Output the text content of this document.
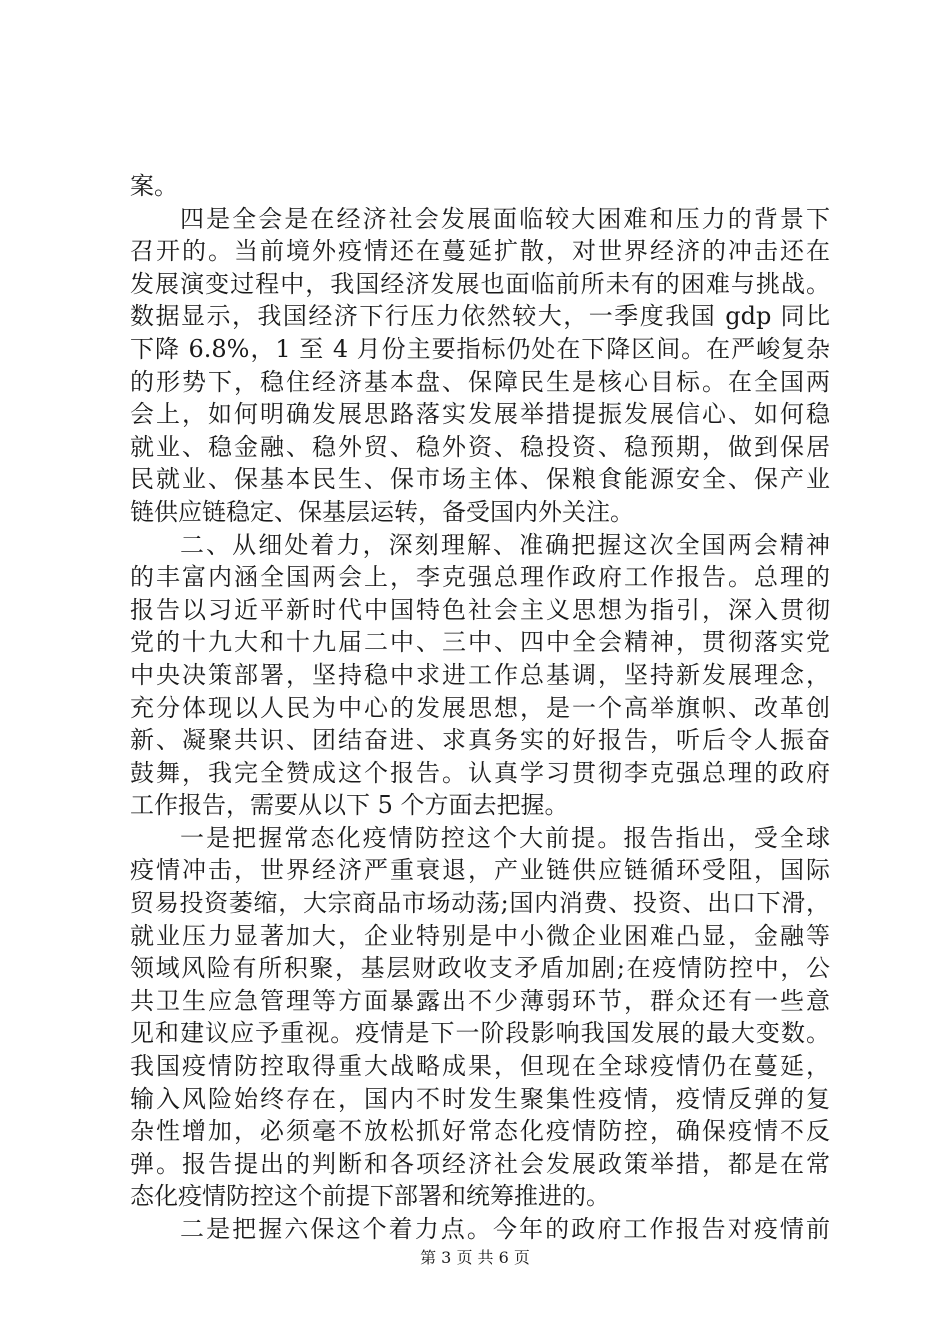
案。
四是全会是在经济社会发展面临较大困难和压力的背景下
召开的。当前境外疫情还在蔓延扩散，对世界经济的冲击还在
发展演变过程中，我国经济发展也面临前所未有的困难与挑战。
数据显示，我国经济下行压力依然较大，一季度我国 gdp 同比
下降 6.8%，1 至 4 月份主要指标仍处在下降区间。在严峻复杂
的形势下，稳住经济基本盘、保障民生是核心目标。在全国两
会上，如何明确发展思路落实发展举措提振发展信心、如何稳
就业、稳金融、稳外贸、稳外资、稳投资、稳预期，做到保居
民就业、保基本民生、保市场主体、保粮食能源安全、保产业
链供应链稳定、保基层运转，备受国内外关注。
二、从细处着力，深刻理解、准确把握这次全国两会精神
的丰富内涵全国两会上，李克强总理作政府工作报告。总理的
报告以习近平新时代中国特色社会主义思想为指引，深入贯彻
党的十九大和十九届二中、三中、四中全会精神，贯彻落实党
中央决策部署，坚持稳中求进工作总基调，坚持新发展理念，
充分体现以人民为中心的发展思想，是一个高举旗帜、改革创
新、凝聚共识、团结奋进、求真务实的好报告，听后令人振奋
鼓舞，我完全赞成这个报告。认真学习贯彻李克强总理的政府
工作报告，需要从以下 5 个方面去把握。
一是把握常态化疫情防控这个大前提。报告指出，受全球
疫情冲击，世界经济严重衰退，产业链供应链循环受阻，国际
贸易投资萎缩，大宗商品市场动荡;国内消费、投资、出口下滑，
就业压力显著加大，企业特别是中小微企业困难凸显，金融等
领域风险有所积聚，基层财政收支矛盾加剧;在疫情防控中，公
共卫生应急管理等方面暴露出不少薄弱环节，群众还有一些意
见和建议应予重视。疫情是下一阶段影响我国发展的最大变数。
我国疫情防控取得重大战略成果，但现在全球疫情仍在蔓延，
输入风险始终存在，国内不时发生聚集性疫情，疫情反弹的复
杂性增加，必须毫不放松抓好常态化疫情防控，确保疫情不反
弹。报告提出的判断和各项经济社会发展政策举措，都是在常
态化疫情防控这个前提下部署和统筹推进的。
二是把握六保这个着力点。今年的政府工作报告对疫情前
第 3 页 共 6 页
